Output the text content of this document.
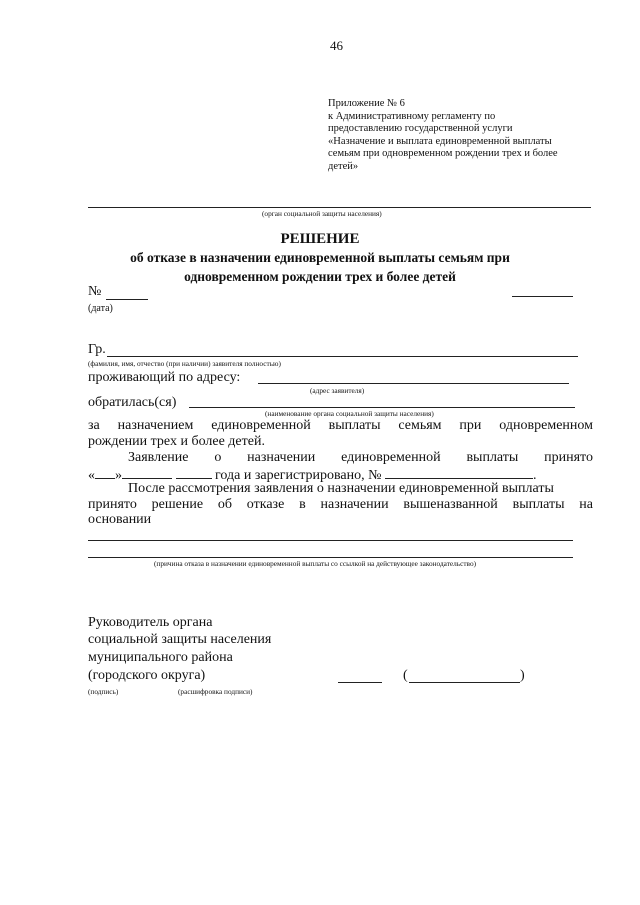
46
Приложение № 6
к Административному регламенту по
предоставлению государственной услуги
«Назначение и выплата единовременной выплаты
семьям при одновременном рождении трех и более
детей»
(орган социальной защиты населения)
РЕШЕНИЕ
об отказе в назначении единовременной выплаты семьям при
одновременном рождении трех и более детей
№
(дата)
Гр.
(фамилия, имя, отчество (при наличии) заявителя полностью)
проживающий по адресу:
(адрес заявителя)
обратилась(ся)
(наименование органа социальной защиты населения)
за назначением единовременной выплаты семьям при одновременном
рождении трех и более детей.
Заявление о назначении единовременной выплаты принято
« »	года и зарегистрировано, №	.
После рассмотрения заявления о назначении единовременной выплаты
принято решение об отказе в назначении вышеназванной выплаты на
основании
(причина отказа в назначении единовременной выплаты со ссылкой на действующее законодательство)
Руководитель органа
социальной защиты населения
муниципального района
(городского округа)	(	)
(подпись)	(расшифровка подписи)
